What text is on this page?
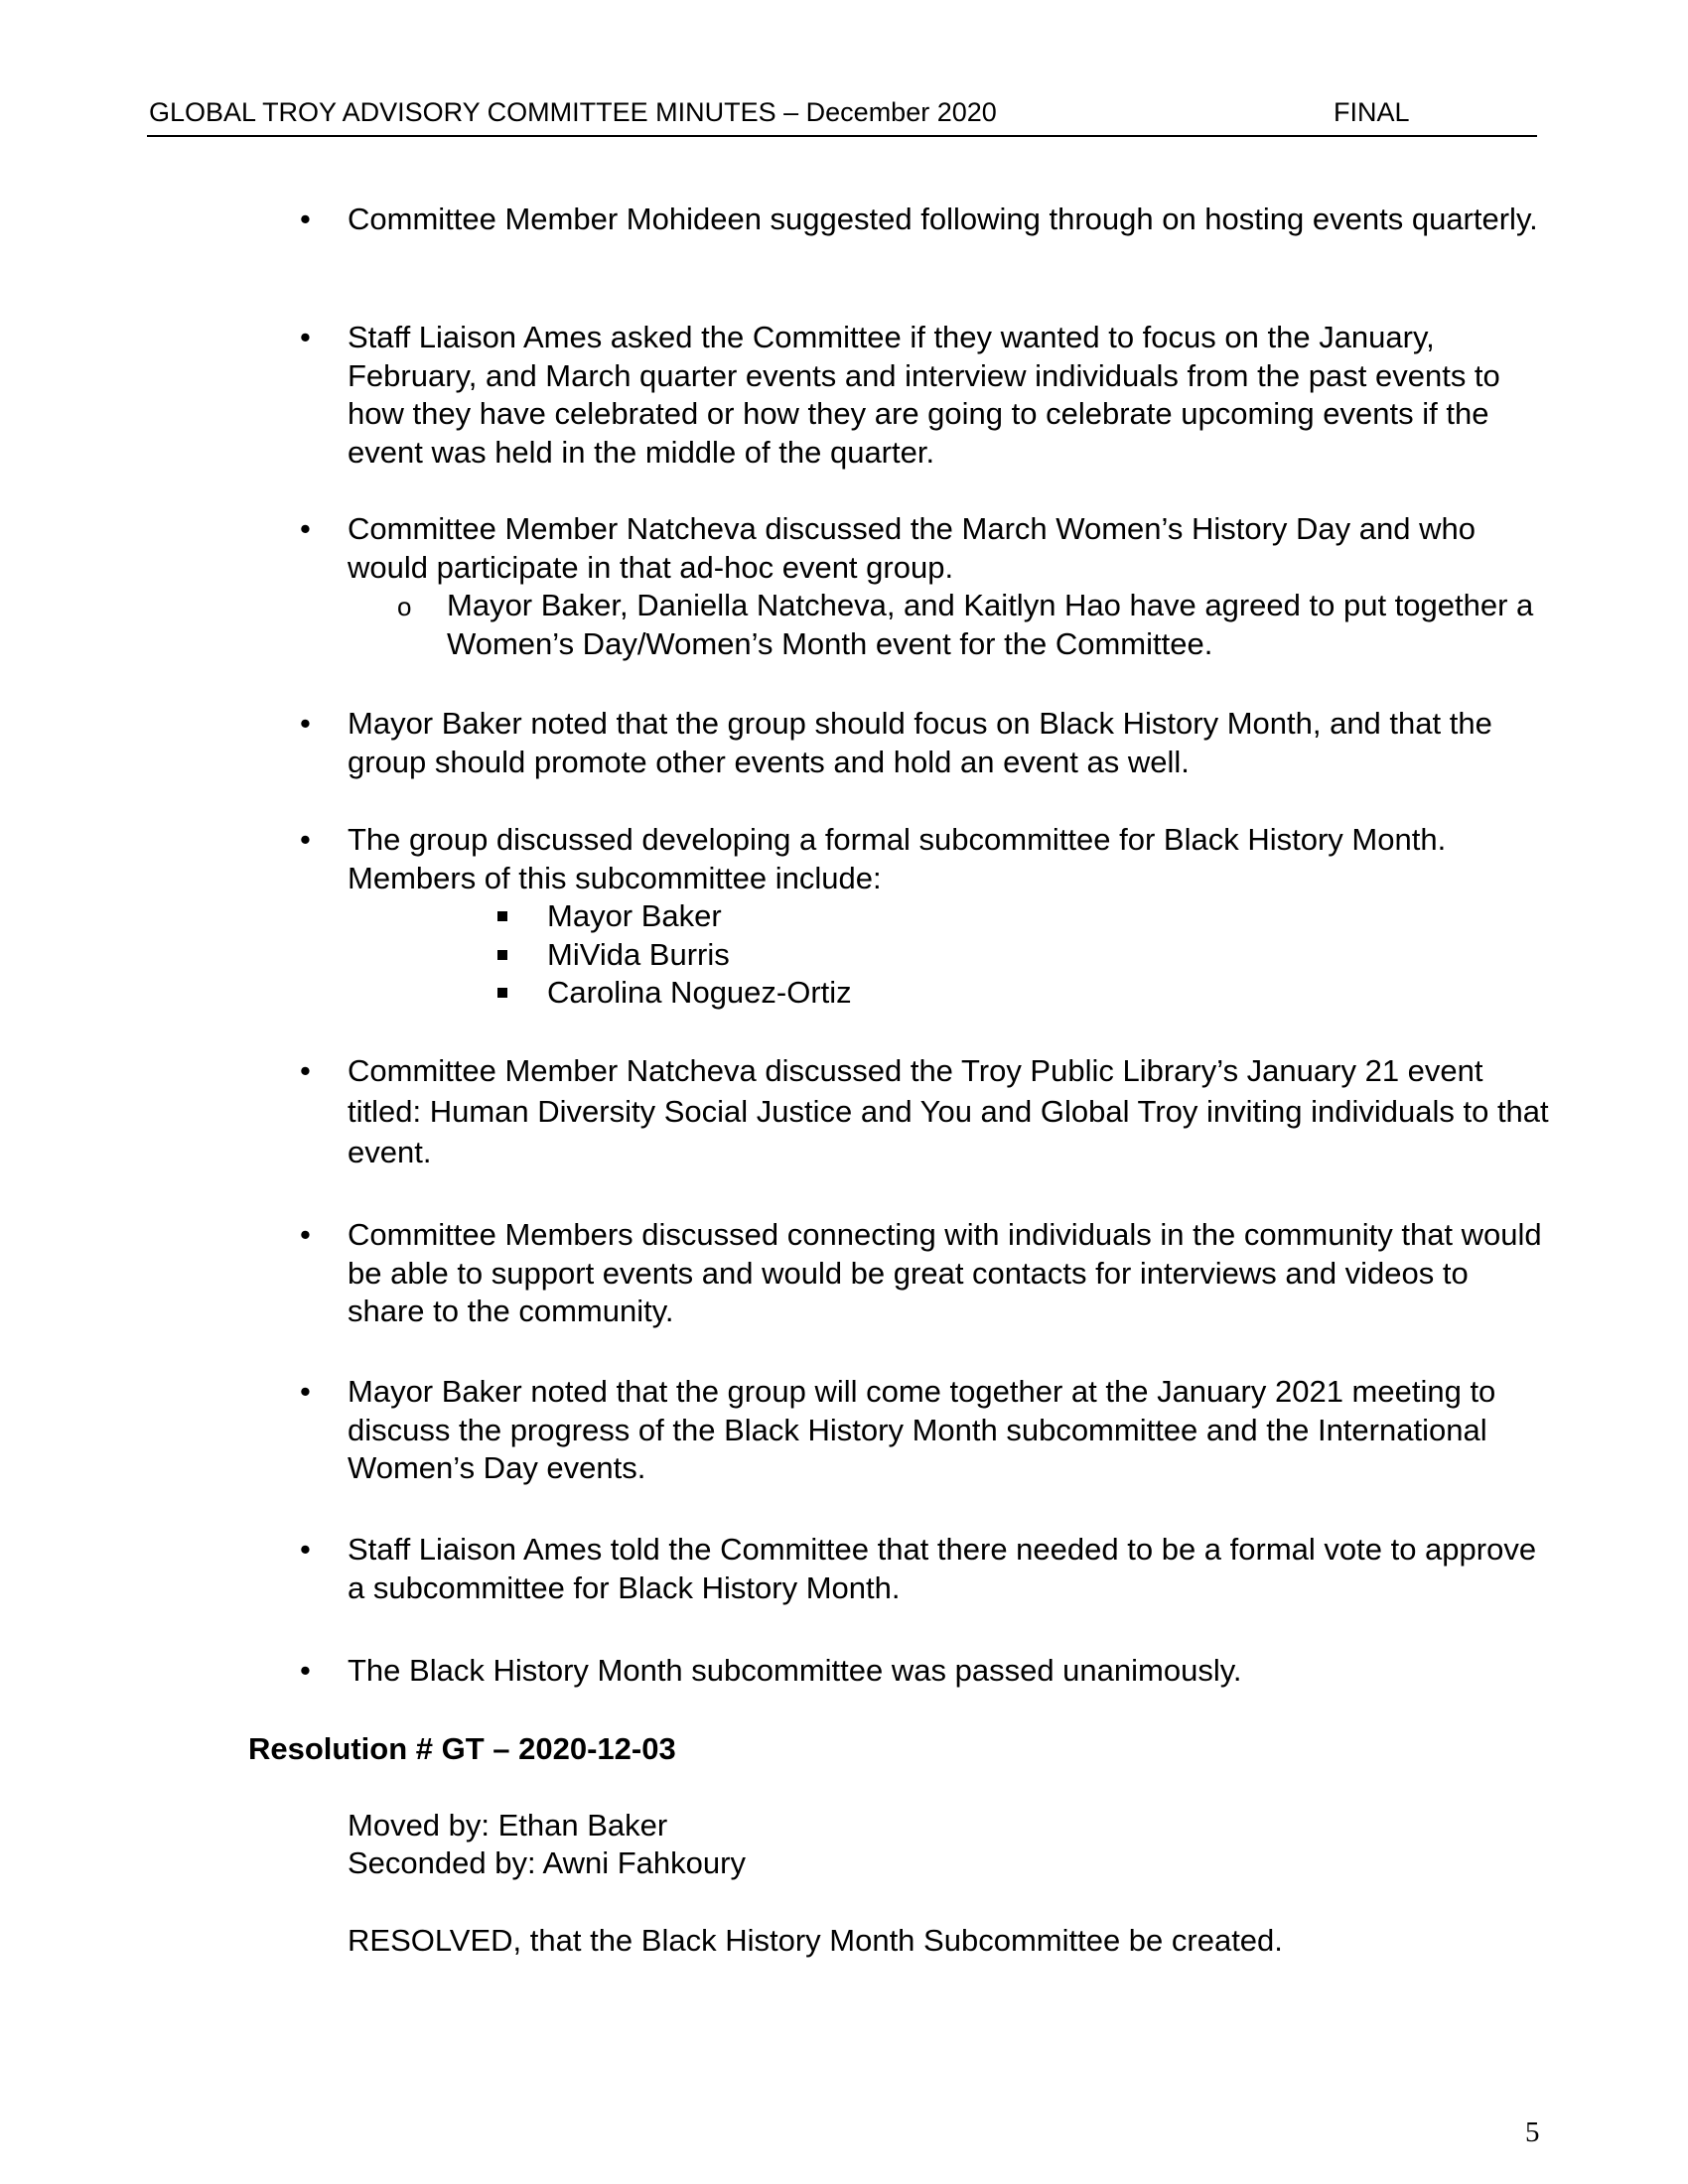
GLOBAL TROY ADVISORY COMMITTEE MINUTES – December 2020	FINAL
• Committee Member Mohideen suggested following through on hosting events quarterly.
• Staff Liaison Ames asked the Committee if they wanted to focus on the January, February, and March quarter events and interview individuals from the past events to how they have celebrated or how they are going to celebrate upcoming events if the event was held in the middle of the quarter.
• Committee Member Natcheva discussed the March Women’s History Day and who would participate in that ad-hoc event group.
o Mayor Baker, Daniella Natcheva, and Kaitlyn Hao have agreed to put together a Women’s Day/Women’s Month event for the Committee.
• Mayor Baker noted that the group should focus on Black History Month, and that the group should promote other events and hold an event as well.
• The group discussed developing a formal subcommittee for Black History Month. Members of this subcommittee include:
Mayor Baker
MiVida Burris
Carolina Noguez-Ortiz
• Committee Member Natcheva discussed the Troy Public Library’s January 21 event titled: Human Diversity Social Justice and You and Global Troy inviting individuals to that event.
• Committee Members discussed connecting with individuals in the community that would be able to support events and would be great contacts for interviews and videos to share to the community.
• Mayor Baker noted that the group will come together at the January 2021 meeting to discuss the progress of the Black History Month subcommittee and the International Women’s Day events.
• Staff Liaison Ames told the Committee that there needed to be a formal vote to approve a subcommittee for Black History Month.
• The Black History Month subcommittee was passed unanimously.
Resolution # GT – 2020-12-03
Moved by: Ethan Baker
Seconded by: Awni Fahkoury
RESOLVED, that the Black History Month Subcommittee be created.
5
